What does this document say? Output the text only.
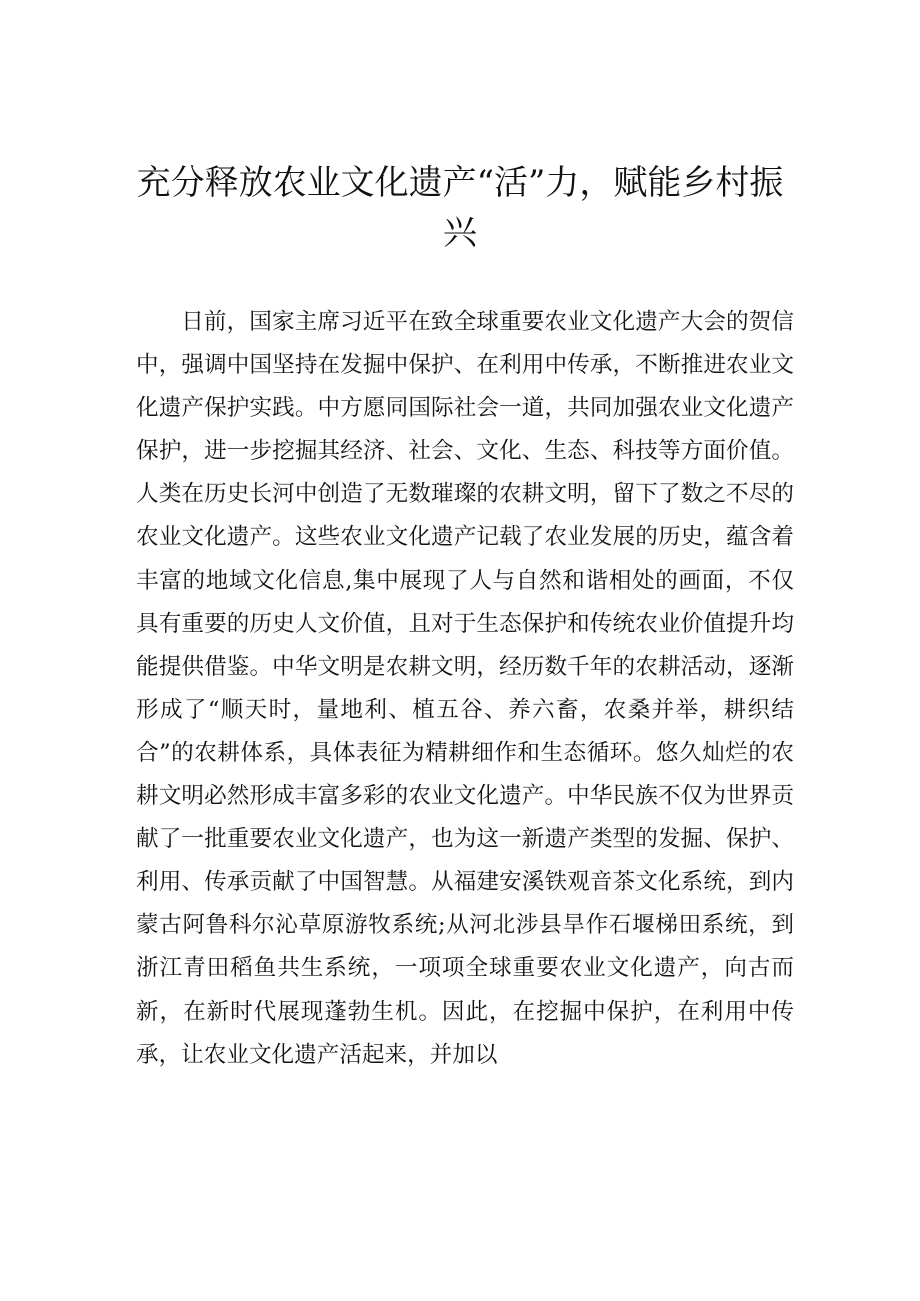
充分释放农业文化遗产“活”力，赋能乡村振兴

日前，国家主席习近平在致全球重要农业文化遗产大会的贺信中，强调中国坚持在发掘中保护、在利用中传承，不断推进农业文化遗产保护实践。中方愿同国际社会一道，共同加强农业文化遗产保护，进一步挖掘其经济、社会、文化、生态、科技等方面价值。人类在历史长河中创造了无数璀璨的农耕文明，留下了数之不尽的农业文化遗产。这些农业文化遗产记载了农业发展的历史，蕴含着丰富的地域文化信息,集中展现了人与自然和谐相处的画面，不仅具有重要的历史人文价值，且对于生态保护和传统农业价值提升均能提供借鉴。中华文明是农耕文明，经历数千年的农耕活动，逐渐形成了“顺天时，量地利、植五谷、养六畜，农桑并举，耕织结合”的农耕体系，具体表征为精耕细作和生态循环。悠久灿烂的农耕文明必然形成丰富多彩的农业文化遗产。中华民族不仅为世界贡献了一批重要农业文化遗产，也为这一新遗产类型的发掘、保护、利用、传承贡献了中国智慧。从福建安溪铁观音茶文化系统，到内蒙古阿鲁科尔沁草原游牧系统;从河北涉县旱作石堰梯田系统，到浙江青田稻鱼共生系统，一项项全球重要农业文化遗产，向古而新，在新时代展现蓬勃生机。因此，在挖掘中保护，在利用中传承，让农业文化遗产活起来，并加以
